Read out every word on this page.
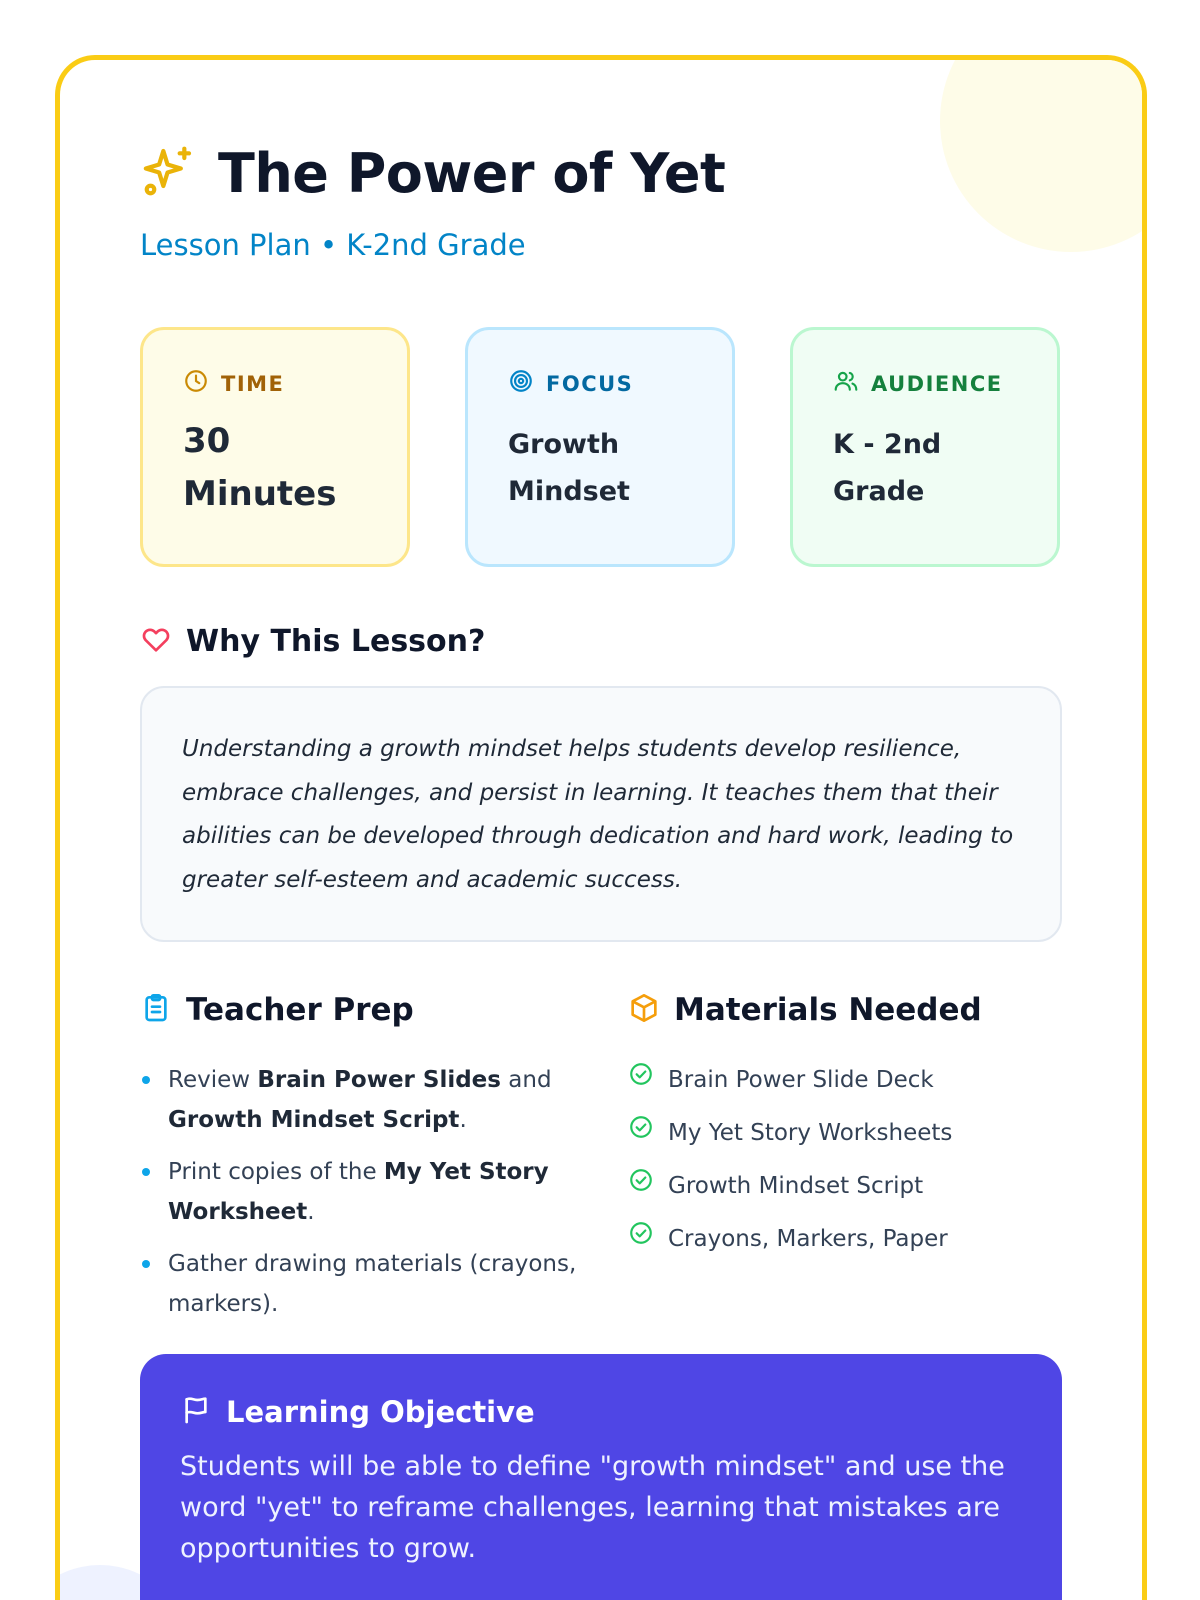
The Power of Yet
Lesson Plan • K-2nd Grade
TIME
30
Minutes
FOCUS
Growth
Mindset
AUDIENCE
K - 2nd
Grade
Why This Lesson?

Understanding a growth mindset helps students develop resilience, embrace challenges, and persist in learning. It teaches them that their abilities can be developed through dedication and hard work, leading to greater self-esteem and academic success.

Teacher Prep
Review Brain Power Slides and Growth Mindset Script.
Print copies of the My Yet Story Worksheet.
Gather drawing materials (crayons, markers).
Materials Needed
Brain Power Slide Deck
My Yet Story Worksheets
Growth Mindset Script
Crayons, Markers, Paper
Learning Objective

Students will be able to define "growth mindset" and use the word "yet" to reframe challenges, learning that mistakes are opportunities to grow.
